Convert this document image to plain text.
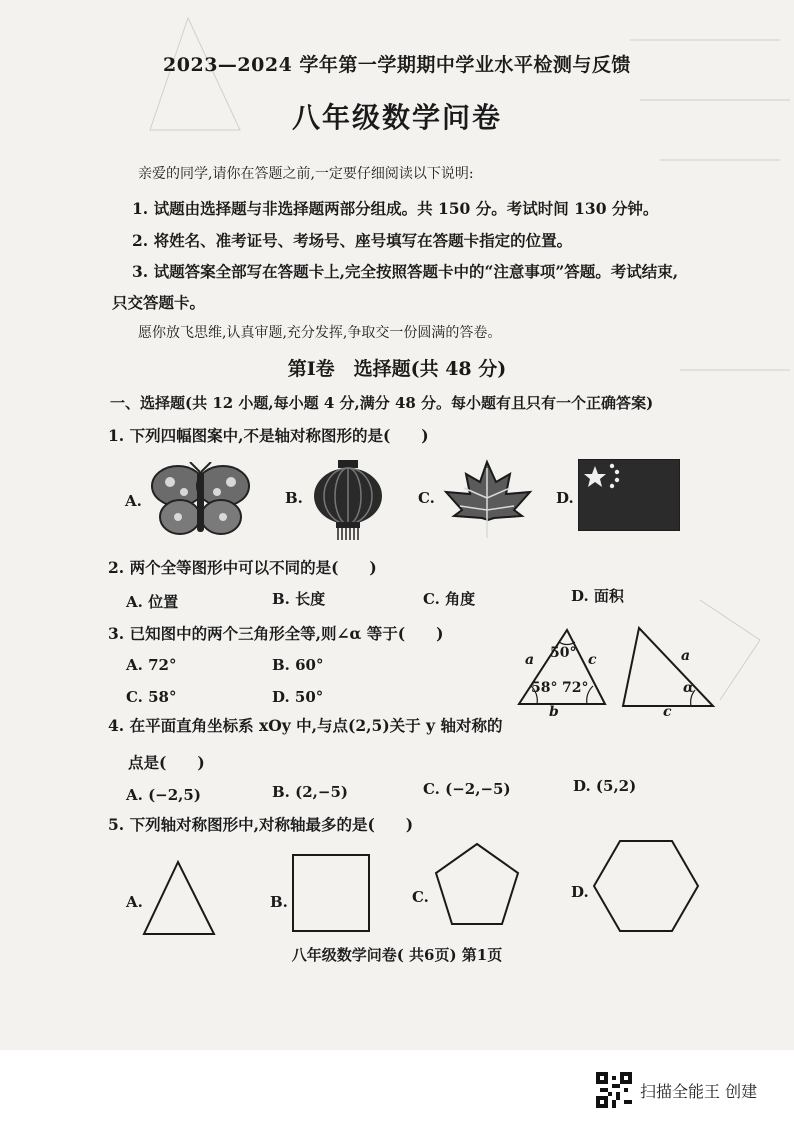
2023—2024 学年第一学期期中学业水平检测与反馈
八年级数学问卷
亲爱的同学,请你在答题之前,一定要仔细阅读以下说明:
1. 试题由选择题与非选择题两部分组成。共 150 分。考试时间 130 分钟。
2. 将姓名、准考证号、考场号、座号填写在答题卡指定的位置。
3. 试题答案全部写在答题卡上,完全按照答题卡中的“注意事项”答题。考试结束,
只交答题卡。
愿你放飞思维,认真审题,充分发挥,争取交一份圆满的答卷。
第Ⅰ卷　选择题(共 48 分)
一、选择题(共 12 小题,每小题 4 分,满分 48 分。每小题有且只有一个正确答案)
1. 下列四幅图案中,不是轴对称图形的是(　　)
A.	B.	C.	D.
2. 两个全等图形中可以不同的是(　　)
A. 位置	B. 长度	C. 角度	D. 面积
3. 已知图中的两个三角形全等,则∠α 等于(　　)
A. 72°	B. 60°
C. 58°	D. 50°
50°
58° 72°
a	c
b
a
α
c
4. 在平面直角坐标系 xOy 中,与点(2,5)关于 y 轴对称的
点是(　　)
A. (−2,5)	B. (2,−5)	C. (−2,−5)	D. (5,2)
5. 下列轴对称图形中,对称轴最多的是(　　)
A.	B.	C.	D.
八年级数学问卷( 共6页) 第1页
扫描全能王 创建
